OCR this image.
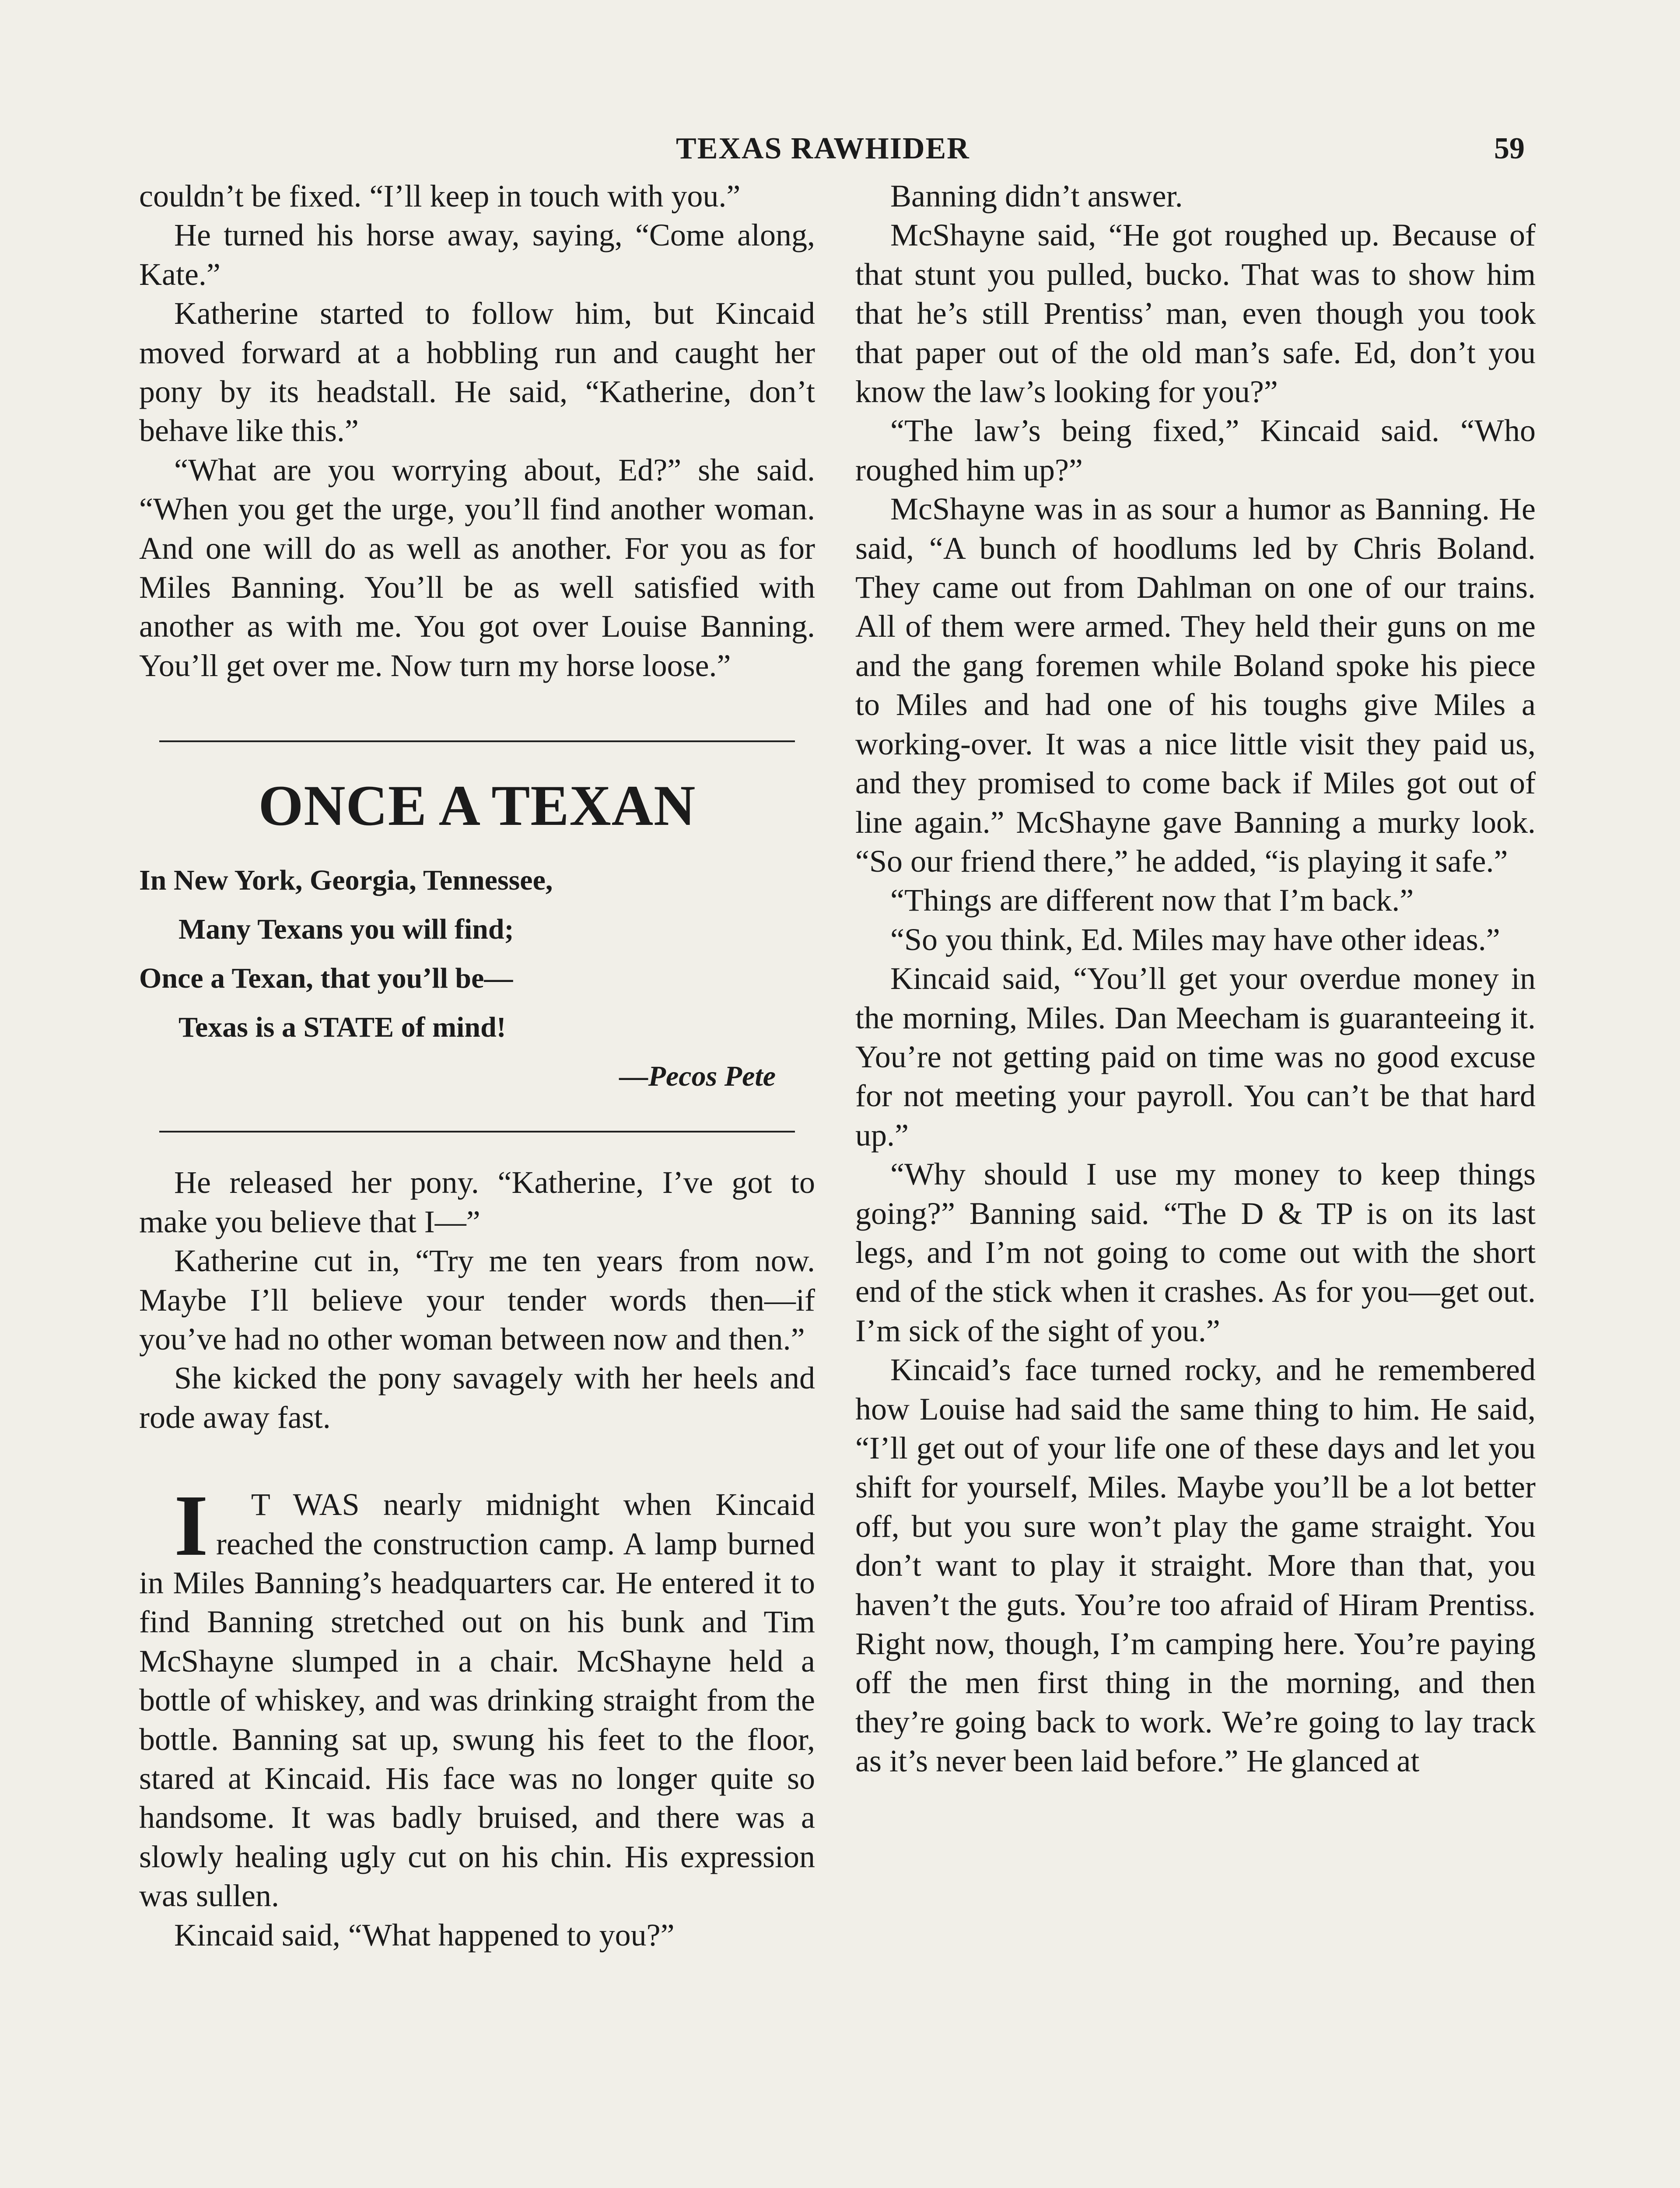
TEXAS RAWHIDER	59

couldn’t be fixed. “I’ll keep in touch with you.”

He turned his horse away, saying, “Come along, Kate.”

Katherine started to follow him, but Kincaid moved forward at a hobbling run and caught her pony by its headstall. He said, “Katherine, don’t behave like this.”

“What are you worrying about, Ed?” she said. “When you get the urge, you’ll find another woman. And one will do as well as another. For you as for Miles Banning. You’ll be as well satisfied with another as with me. You got over Louise Banning. You’ll get over me. Now turn my horse loose.”

ONCE A TEXAN
In New York, Georgia, Tennessee,
Many Texans you will find;
Once a Texan, that you’ll be—
Texas is a STATE of mind!
—Pecos Pete

He released her pony. “Katherine, I’ve got to make you believe that I—”

Katherine cut in, “Try me ten years from now. Maybe I’ll believe your tender words then—if you’ve had no other woman between now and then.”

She kicked the pony savagely with her heels and rode away fast.

I T WAS nearly midnight when Kincaid reached the construction camp. A lamp burned in Miles Banning’s headquarters car. He entered it to find Banning stretched out on his bunk and Tim McShayne slumped in a chair. McShayne held a bottle of whiskey, and was drinking straight from the bottle. Banning sat up, swung his feet to the floor, stared at Kincaid. His face was no longer quite so handsome. It was badly bruised, and there was a slowly healing ugly cut on his chin. His expression was sullen.

Kincaid said, “What happened to you?”

Banning didn’t answer.

McShayne said, “He got roughed up. Because of that stunt you pulled, bucko. That was to show him that he’s still Prentiss’ man, even though you took that paper out of the old man’s safe. Ed, don’t you know the law’s looking for you?”

“The law’s being fixed,” Kincaid said. “Who roughed him up?”

McShayne was in as sour a humor as Banning. He said, “A bunch of hoodlums led by Chris Boland. They came out from Dahlman on one of our trains. All of them were armed. They held their guns on me and the gang foremen while Boland spoke his piece to Miles and had one of his toughs give Miles a working-over. It was a nice little visit they paid us, and they promised to come back if Miles got out of line again.” McShayne gave Banning a murky look. “So our friend there,” he added, “is playing it safe.”

“Things are different now that I’m back.”

“So you think, Ed. Miles may have other ideas.”

Kincaid said, “You’ll get your overdue money in the morning, Miles. Dan Meecham is guaranteeing it. You’re not getting paid on time was no good excuse for not meeting your payroll. You can’t be that hard up.”

“Why should I use my money to keep things going?” Banning said. “The D & TP is on its last legs, and I’m not going to come out with the short end of the stick when it crashes. As for you—get out. I’m sick of the sight of you.”

Kincaid’s face turned rocky, and he remembered how Louise had said the same thing to him. He said, “I’ll get out of your life one of these days and let you shift for yourself, Miles. Maybe you’ll be a lot better off, but you sure won’t play the game straight. You don’t want to play it straight. More than that, you haven’t the guts. You’re too afraid of Hiram Prentiss. Right now, though, I’m camping here. You’re paying off the men first thing in the morning, and then they’re going back to work. We’re going to lay track as it’s never been laid before.” He glanced at
